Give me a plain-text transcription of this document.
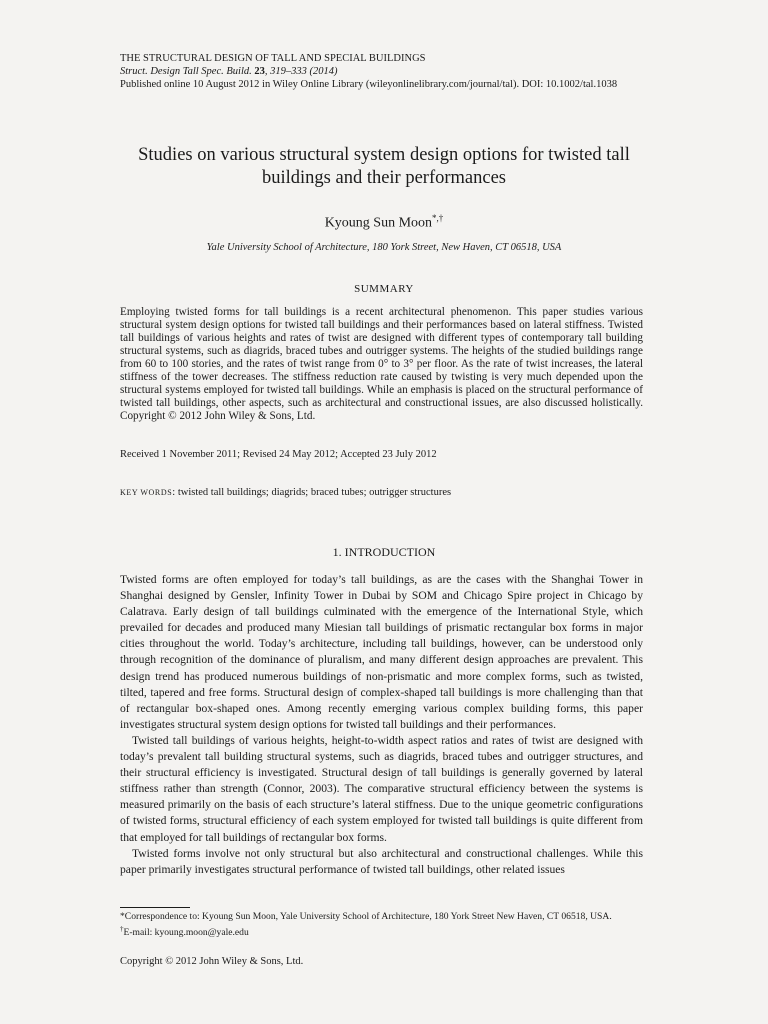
THE STRUCTURAL DESIGN OF TALL AND SPECIAL BUILDINGS
Struct. Design Tall Spec. Build. 23, 319–333 (2014)
Published online 10 August 2012 in Wiley Online Library (wileyonlinelibrary.com/journal/tal). DOI: 10.1002/tal.1038
Studies on various structural system design options for twisted tall
buildings and their performances
Kyoung Sun Moon*,†
Yale University School of Architecture, 180 York Street, New Haven, CT 06518, USA
SUMMARY

Employing twisted forms for tall buildings is a recent architectural phenomenon. This paper studies various structural system design options for twisted tall buildings and their performances based on lateral stiffness. Twisted tall buildings of various heights and rates of twist are designed with different types of contemporary tall building structural systems, such as diagrids, braced tubes and outrigger systems. The heights of the studied buildings range from 60 to 100 stories, and the rates of twist range from 0° to 3° per floor. As the rate of twist increases, the lateral stiffness of the tower decreases. The stiffness reduction rate caused by twisting is very much depended upon the structural systems employed for twisted tall buildings. While an emphasis is placed on the structural performance of twisted tall buildings, other aspects, such as architectural and constructional issues, are also discussed holistically. Copyright © 2012 John Wiley & Sons, Ltd.

Received 1 November 2011; Revised 24 May 2012; Accepted 23 July 2012
KEY WORDS: twisted tall buildings; diagrids; braced tubes; outrigger structures
1. INTRODUCTION

Twisted forms are often employed for today’s tall buildings, as are the cases with the Shanghai Tower in Shanghai designed by Gensler, Infinity Tower in Dubai by SOM and Chicago Spire project in Chicago by Calatrava. Early design of tall buildings culminated with the emergence of the International Style, which prevailed for decades and produced many Miesian tall buildings of prismatic rectangular box forms in major cities throughout the world. Today’s architecture, including tall buildings, however, can be understood only through recognition of the dominance of pluralism, and many different design approaches are prevalent. This design trend has produced numerous buildings of non-prismatic and more complex forms, such as twisted, tilted, tapered and free forms. Structural design of complex-shaped tall buildings is more challenging than that of rectangular box-shaped ones. Among recently emerging various complex building forms, this paper investigates structural system design options for twisted tall buildings and their performances.

Twisted tall buildings of various heights, height-to-width aspect ratios and rates of twist are designed with today’s prevalent tall building structural systems, such as diagrids, braced tubes and outrigger structures, and their structural efficiency is investigated. Structural design of tall buildings is generally governed by lateral stiffness rather than strength (Connor, 2003). The comparative structural efficiency between the systems is measured primarily on the basis of each structure’s lateral stiffness. Due to the unique geometric configurations of twisted forms, structural efficiency of each system employed for twisted tall buildings is quite different from that employed for tall buildings of rectangular box forms.

Twisted forms involve not only structural but also architectural and constructional challenges. While this paper primarily investigates structural performance of twisted tall buildings, other related issues

*Correspondence to: Kyoung Sun Moon, Yale University School of Architecture, 180 York Street New Haven, CT 06518, USA.
†E-mail: kyoung.moon@yale.edu
Copyright © 2012 John Wiley & Sons, Ltd.
